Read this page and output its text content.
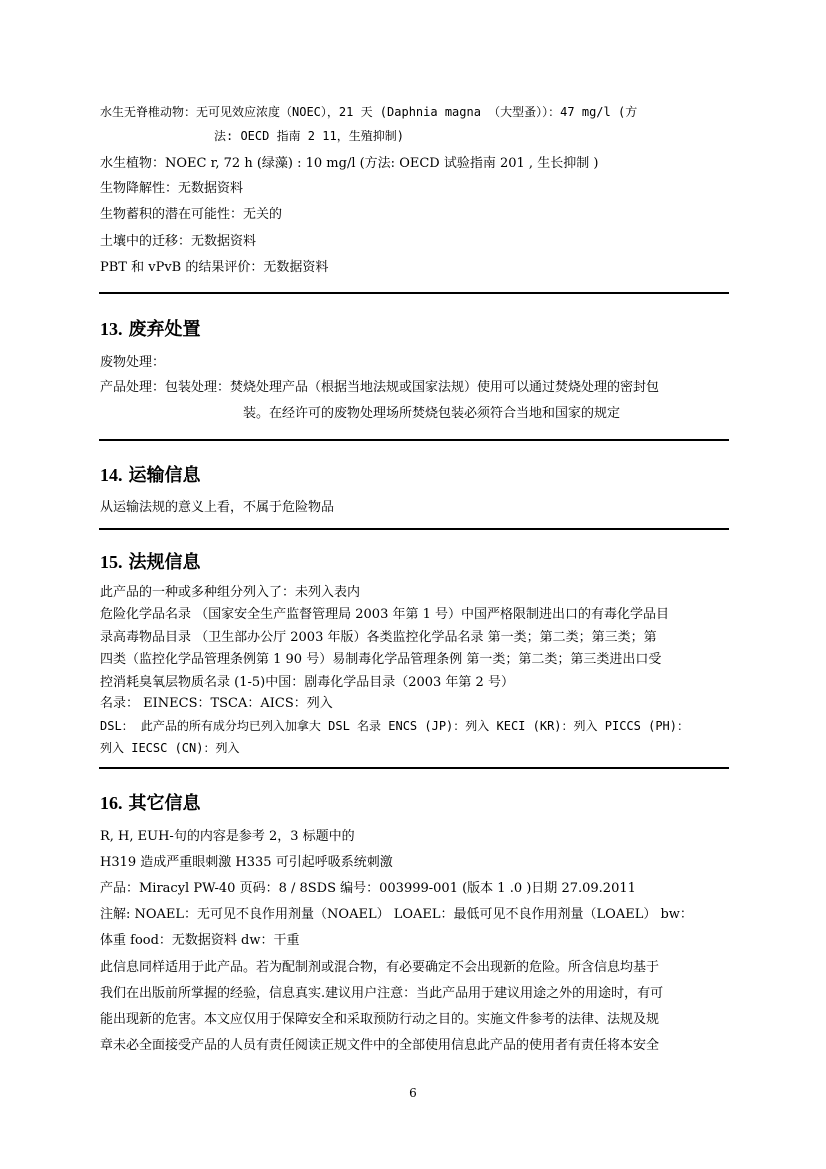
水生无脊椎动物：无可见效应浓度（NOEC），21 天 (Daphnia magna （大型蚤））：47 mg/l (方
法: OECD 指南 2 11，生殖抑制)
水生植物：NOEC r, 72 h (绿藻) : 10 mg/l (方法: OECD 试验指南 201 , 生长抑制 )
生物降解性：无数据资料
生物蓄积的潜在可能性：无关的
土壤中的迁移：无数据资料
PBT 和 vPvB 的结果评价：无数据资料
13. 废弃处置
废物处理：
产品处理：包装处理：焚烧处理产品（根据当地法规或国家法规）使用可以通过焚烧处理的密封包
装。在经许可的废物处理场所焚烧包装必须符合当地和国家的规定
14. 运输信息
从运输法规的意义上看，不属于危险物品
15. 法规信息
此产品的一种或多种组分列入了：未列入表内
危险化学品名录 （国家安全生产监督管理局 2003 年第 1 号）中国严格限制进出口的有毒化学品目
录高毒物品目录 （卫生部办公厅 2003 年版）各类监控化学品名录 第一类；第二类；第三类；第
四类（监控化学品管理条例第 1 90 号）易制毒化学品管理条例 第一类；第二类；第三类进出口受
控消耗臭氧层物质名录 (1-5)中国：剧毒化学品目录（2003 年第 2 号）
名录： EINECS：TSCA：AICS：列入
DSL： 此产品的所有成分均已列入加拿大 DSL 名录 ENCS (JP)：列入 KECI (KR)：列入 PICCS (PH)：
列入 IECSC (CN)：列入
16. 其它信息
R, H, EUH-句的内容是参考 2，3 标题中的
H319 造成严重眼刺激 H335 可引起呼吸系统刺激
产品：Miracyl PW-40 页码：8 / 8SDS 编号：003999-001 (版本 1 .0 )日期 27.09.2011
注解: NOAEL：无可见不良作用剂量（NOAEL） LOAEL：最低可见不良作用剂量（LOAEL） bw：
体重 food：无数据资料 dw：干重
此信息同样适用于此产品。若为配制剂或混合物，有必要确定不会出现新的危险。所含信息均基于
我们在出版前所掌握的经验，信息真实.建议用户注意：当此产品用于建议用途之外的用途时，有可
能出现新的危害。本文应仅用于保障安全和采取预防行动之目的。实施文件参考的法律、法规及规
章未必全面接受产品的人员有责任阅读正规文件中的全部使用信息此产品的使用者有责任将本安全
6
